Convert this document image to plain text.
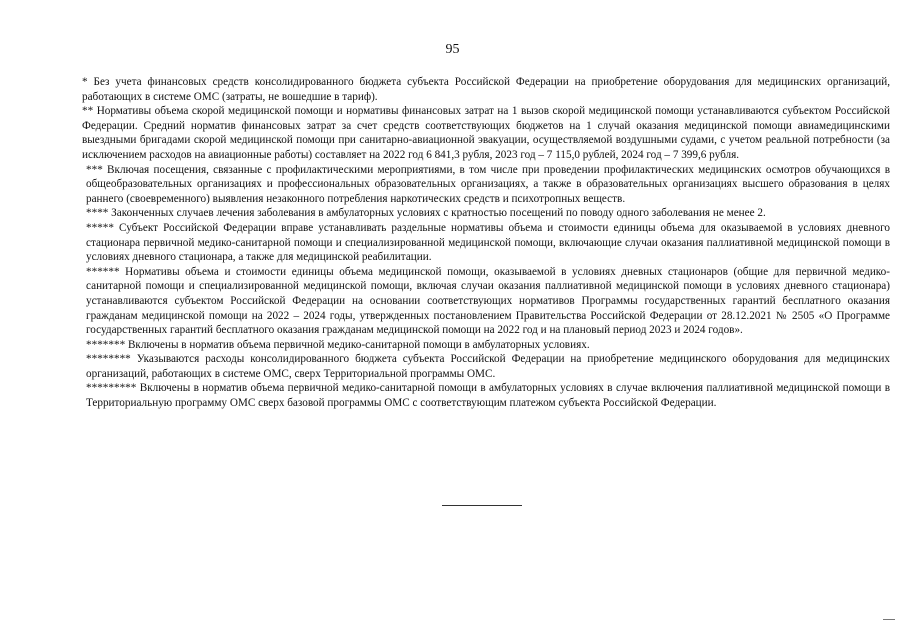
95

* Без учета финансовых средств консолидированного бюджета субъекта Российской Федерации на приобретение оборудования для медицинских организаций, работающих в системе ОМС (затраты, не вошедшие в тариф).

** Нормативы объема скорой медицинской помощи и нормативы финансовых затрат на 1 вызов скорой медицинской помощи устанавливаются субъектом Российской Федерации. Средний норматив финансовых затрат за счет средств соответствующих бюджетов на 1 случай оказания медицинской помощи авиамедицинскими выездными бригадами скорой медицинской помощи при санитарно-авиационной эвакуации, осуществляемой воздушными судами, с учетом реальной потребности (за исключением расходов на авиационные работы) составляет на 2022 год 6 841,3 рубля, 2023 год – 7 115,0 рублей, 2024 год – 7 399,6 рубля.

*** Включая посещения, связанные с профилактическими мероприятиями, в том числе при проведении профилактических медицинских осмотров обучающихся в общеобразовательных организациях и профессиональных образовательных организациях, а также в образовательных организациях высшего образования в целях раннего (своевременного) выявления незаконного потребления наркотических средств и психотропных веществ.

**** Законченных случаев лечения заболевания в амбулаторных условиях с кратностью посещений по поводу одного заболевания не менее 2.

***** Субъект Российской Федерации вправе устанавливать раздельные нормативы объема и стоимости единицы объема для оказываемой в условиях дневного стационара первичной медико-санитарной помощи и специализированной медицинской помощи, включающие случаи оказания паллиативной медицинской помощи в условиях дневного стационара, а также для медицинской реабилитации.

****** Нормативы объема и стоимости единицы объема медицинской помощи, оказываемой в условиях дневных стационаров (общие для первичной медико-санитарной помощи и специализированной медицинской помощи, включая случаи оказания паллиативной медицинской помощи в условиях дневного стационара) устанавливаются субъектом Российской Федерации на основании соответствующих нормативов Программы государственных гарантий бесплатного оказания гражданам медицинской помощи на 2022 – 2024 годы, утвержденных постановлением Правительства Российской Федерации от 28.12.2021 № 2505 «О Программе государственных гарантий бесплатного оказания гражданам медицинской помощи на 2022 год и на плановый период 2023 и 2024 годов».

******* Включены в норматив объема первичной медико-санитарной помощи в амбулаторных условиях.

******** Указываются расходы консолидированного бюджета субъекта Российской Федерации на приобретение медицинского оборудования для медицинских организаций, работающих в системе ОМС, сверх Территориальной программы ОМС.

********* Включены в норматив объема первичной медико-санитарной помощи в амбулаторных условиях в случае включения паллиативной медицинской помощи в Территориальную программу ОМС сверх базовой программы ОМС с соответствующим платежом субъекта Российской Федерации.
